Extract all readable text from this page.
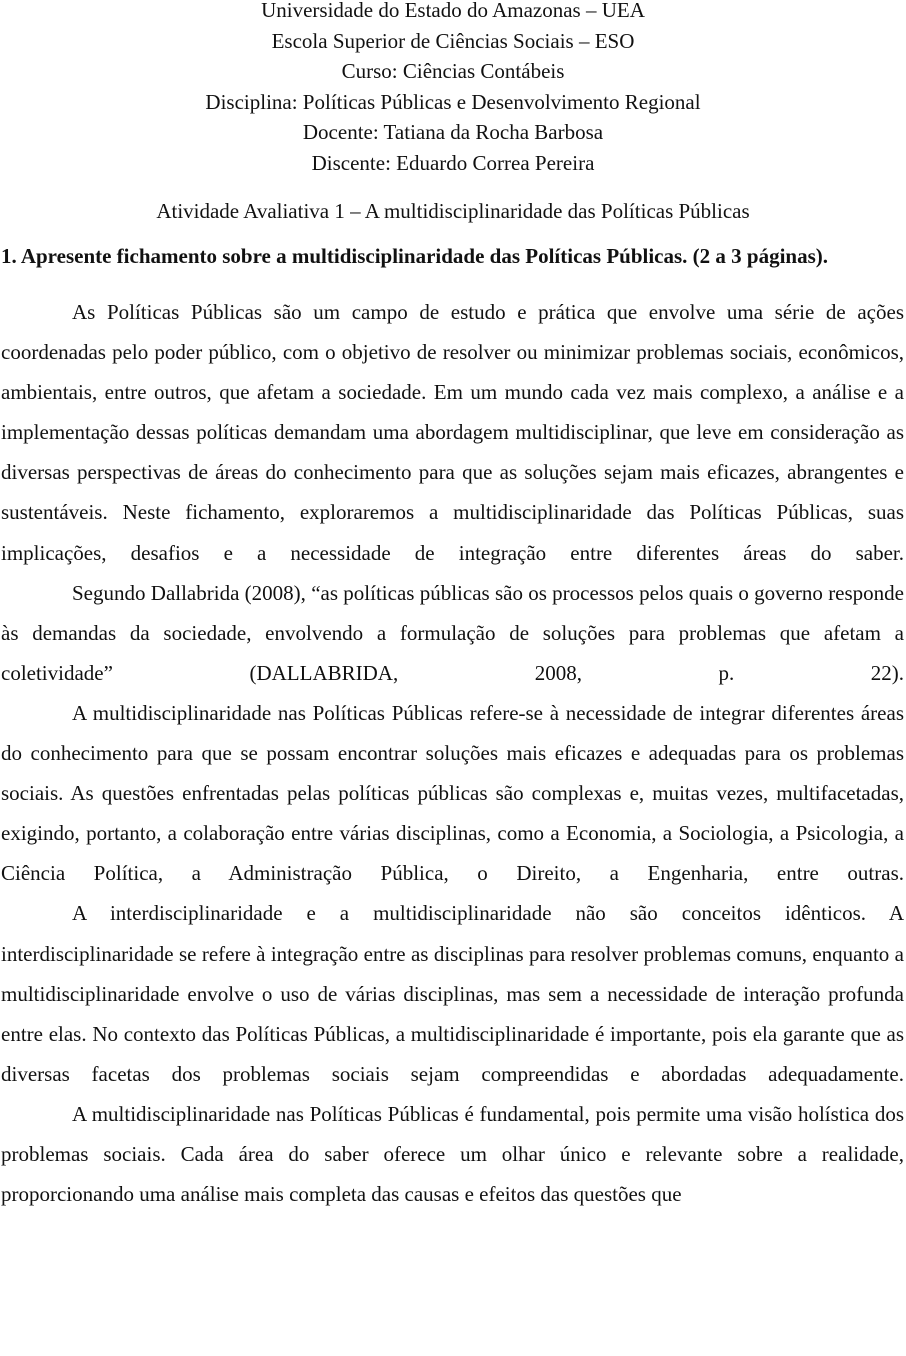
Universidade do Estado do Amazonas – UEA
Escola Superior de Ciências Sociais – ESO
Curso: Ciências Contábeis
Disciplina: Políticas Públicas e Desenvolvimento Regional
Docente: Tatiana da Rocha Barbosa
Discente: Eduardo Correa Pereira
Atividade Avaliativa 1 – A multidisciplinaridade das Políticas Públicas
1. Apresente fichamento sobre a multidisciplinaridade das Políticas Públicas. (2 a 3 páginas).

As Políticas Públicas são um campo de estudo e prática que envolve uma série de ações coordenadas pelo poder público, com o objetivo de resolver ou minimizar problemas sociais, econômicos, ambientais, entre outros, que afetam a sociedade. Em um mundo cada vez mais complexo, a análise e a implementação dessas políticas demandam uma abordagem multidisciplinar, que leve em consideração as diversas perspectivas de áreas do conhecimento para que as soluções sejam mais eficazes, abrangentes e sustentáveis. Neste fichamento, exploraremos a multidisciplinaridade das Políticas Públicas, suas implicações, desafios e a necessidade de integração entre diferentes áreas do saber.

Segundo Dallabrida (2008), “as políticas públicas são os processos pelos quais o governo responde às demandas da sociedade, envolvendo a formulação de soluções para problemas que afetam a coletividade” (DALLABRIDA, 2008, p. 22).

A multidisciplinaridade nas Políticas Públicas refere-se à necessidade de integrar diferentes áreas do conhecimento para que se possam encontrar soluções mais eficazes e adequadas para os problemas sociais. As questões enfrentadas pelas políticas públicas são complexas e, muitas vezes, multifacetadas, exigindo, portanto, a colaboração entre várias disciplinas, como a Economia, a Sociologia, a Psicologia, a Ciência Política, a Administração Pública, o Direito, a Engenharia, entre outras.

A interdisciplinaridade e a multidisciplinaridade não são conceitos idênticos. A interdisciplinaridade se refere à integração entre as disciplinas para resolver problemas comuns, enquanto a multidisciplinaridade envolve o uso de várias disciplinas, mas sem a necessidade de interação profunda entre elas. No contexto das Políticas Públicas, a multidisciplinaridade é importante, pois ela garante que as diversas facetas dos problemas sociais sejam compreendidas e abordadas adequadamente.

A multidisciplinaridade nas Políticas Públicas é fundamental, pois permite uma visão holística dos problemas sociais. Cada área do saber oferece um olhar único e relevante sobre a realidade, proporcionando uma análise mais completa das causas e efeitos das questões que
